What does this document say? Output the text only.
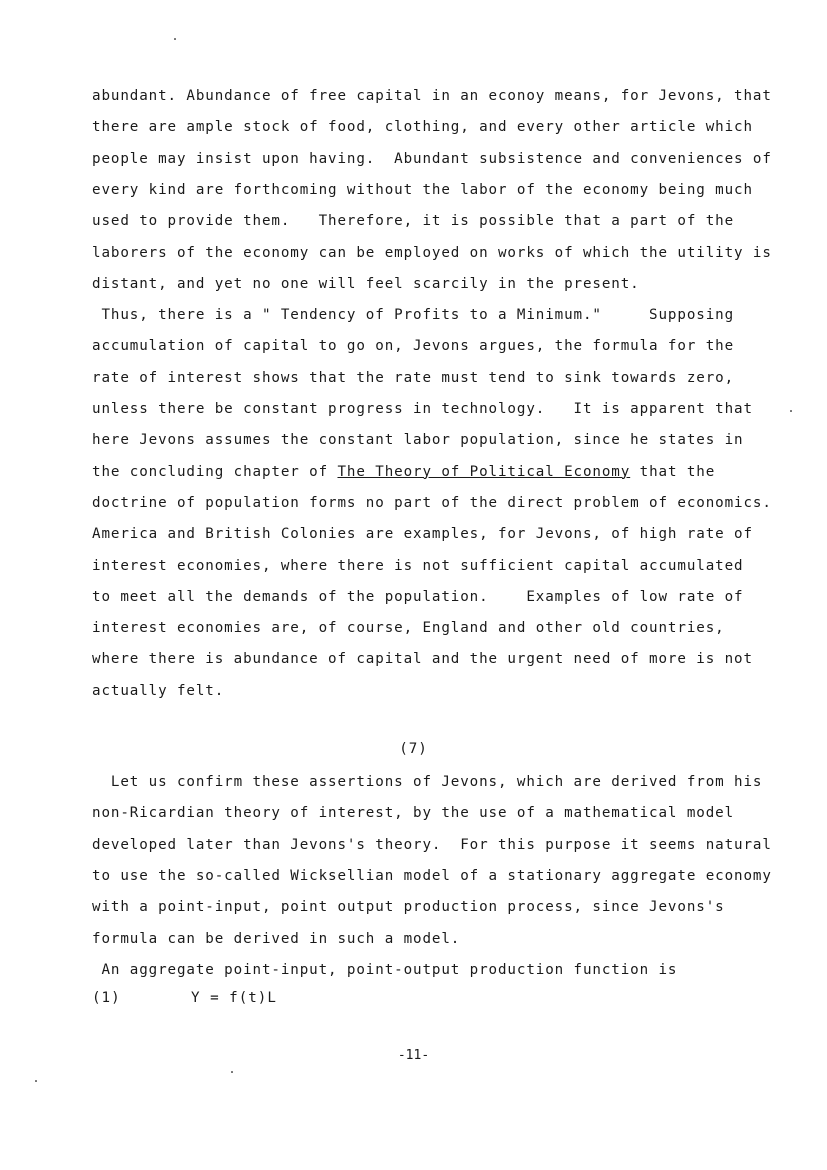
abundant. Abundance of free capital in an econoy means, for Jevons, that
there are ample stock of food, clothing, and every other article which
people may insist upon having.  Abundant subsistence and conveniences of
every kind are forthcoming without the labor of the economy being much
used to provide them.   Therefore, it is possible that a part of the
laborers of the economy can be employed on works of which the utility is
distant, and yet no one will feel scarcily in the present.
Thus, there is a " Tendency of Profits to a Minimum."     Supposing
accumulation of capital to go on, Jevons argues, the formula for the
rate of interest shows that the rate must tend to sink towards zero,
unless there be constant progress in technology.   It is apparent that
here Jevons assumes the constant labor population, since he states in
the concluding chapter of The Theory of Political Economy that the
doctrine of population forms no part of the direct problem of economics.
America and British Colonies are examples, for Jevons, of high rate of
interest economies, where there is not sufficient capital accumulated
to meet all the demands of the population.    Examples of low rate of
interest economies are, of course, England and other old countries,
where there is abundance of capital and the urgent need of more is not
actually felt.
(7)
Let us confirm these assertions of Jevons, which are derived from his
non-Ricardian theory of interest, by the use of a mathematical model
developed later than Jevons's theory.  For this purpose it seems natural
to use the so-called Wicksellian model of a stationary aggregate economy
with a point-input, point output production process, since Jevons's
formula can be derived in such a model.
An aggregate point-input, point-output production function is
(1)	Y = f(t)L
-11-
